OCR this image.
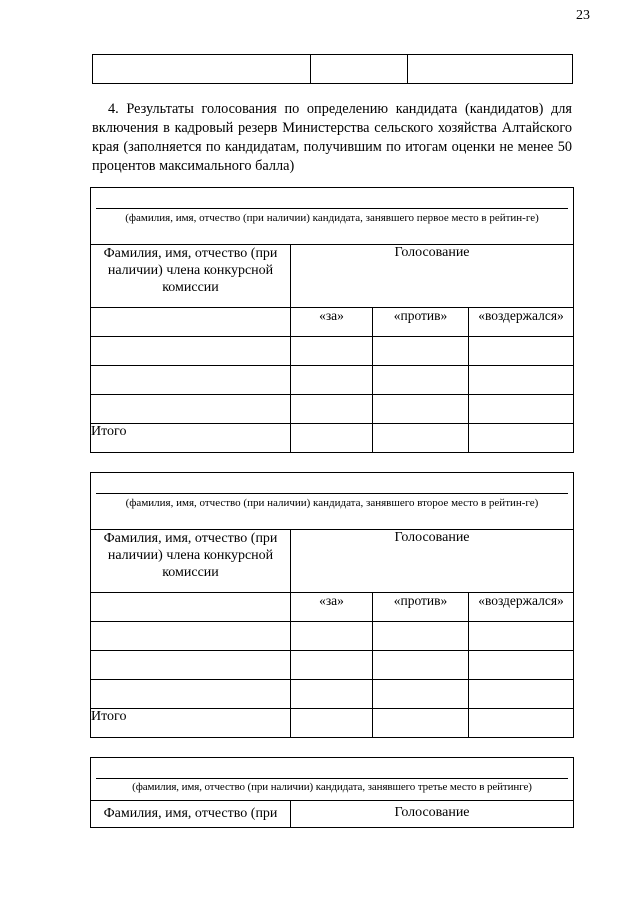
23

4. Результаты голосования по определению кандидата (кандидатов) для включения в кадровый резерв Министерства сельского хозяйства Алтайского края (заполняется по кандидатам, получившим по итогам оценки не менее 50 процентов максимального балла)

(фамилия, имя, отчество (при наличии) кандидата, занявшего первое место в рейтин-ге)			

Фамилия, имя, отчество (при наличии) члена конкурсной комиссии	Голосование		

	«за»	«против»	«воздержался»

Итого			
(фамилия, имя, отчество (при наличии) кандидата, занявшего второе место в рейтин-ге)			

Фамилия, имя, отчество (при наличии) члена конкурсной комиссии	Голосование		

	«за»	«против»	«воздержался»

Итого			
(фамилия, имя, отчество (при наличии) кандидата, занявшего третье место в рейтинге)

Фамилия, имя, отчество (при	Голосование
